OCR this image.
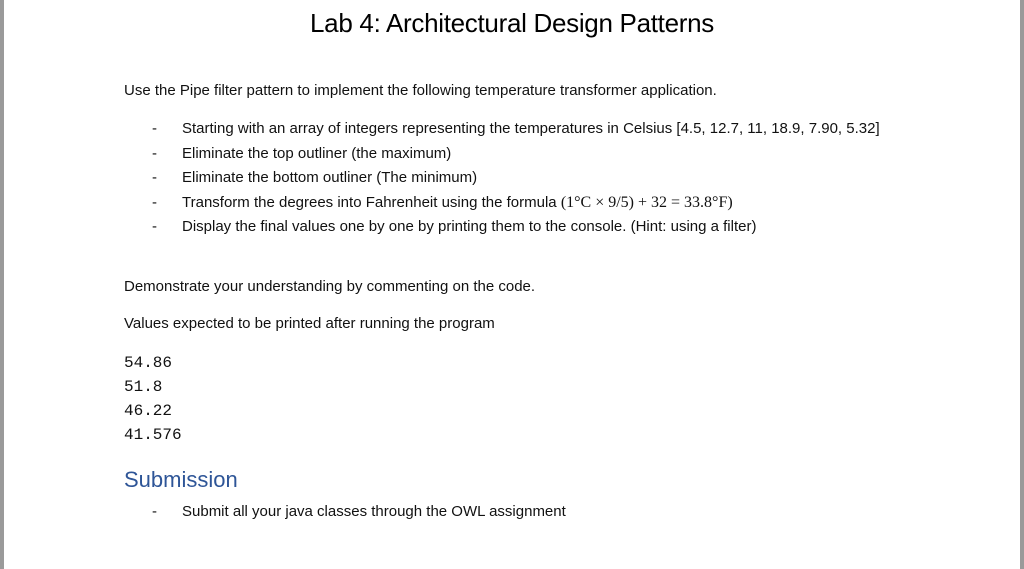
Lab 4: Architectural Design Patterns
Use the Pipe filter pattern to implement the following temperature transformer application.
- Starting with an array of integers representing the temperatures in Celsius [4.5, 12.7, 11, 18.9, 7.90, 5.32]
- Eliminate the top outliner (the maximum)
- Eliminate the bottom outliner (The minimum)
- Transform the degrees into Fahrenheit using the formula (1°C × 9/5) + 32 = 33.8°F)
- Display the final values one by one by printing them to the console. (Hint: using a filter)
Demonstrate your understanding by commenting on the code.
Values expected to be printed after running the program
54.86
51.8
46.22
41.576
Submission
- Submit all your java classes through the OWL assignment
